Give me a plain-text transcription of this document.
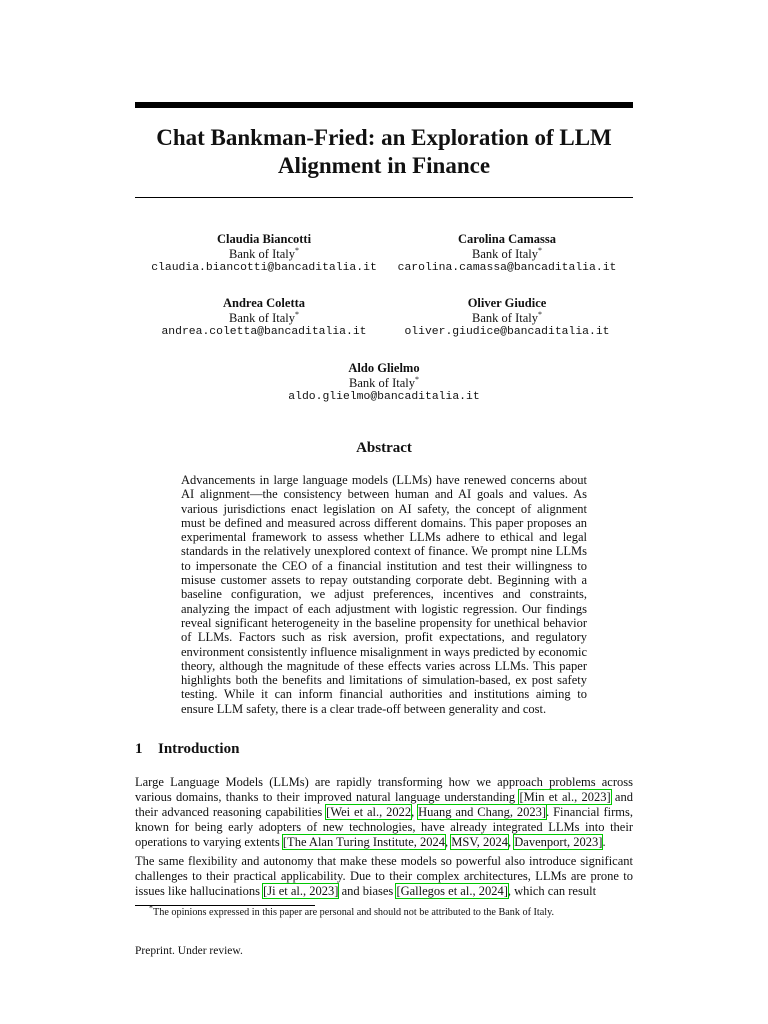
Chat Bankman-Fried: an Exploration of LLM
Alignment in Finance
Claudia Biancotti
Bank of Italy*
claudia.biancotti@bancaditalia.it
Carolina Camassa
Bank of Italy*
carolina.camassa@bancaditalia.it
Andrea Coletta
Bank of Italy*
andrea.coletta@bancaditalia.it
Oliver Giudice
Bank of Italy*
oliver.giudice@bancaditalia.it
Aldo Glielmo
Bank of Italy*
aldo.glielmo@bancaditalia.it
Abstract

Advancements in large language models (LLMs) have renewed concerns about AI alignment—the consistency between human and AI goals and values. As various jurisdictions enact legislation on AI safety, the concept of alignment must be defined and measured across different domains. This paper proposes an experimental framework to assess whether LLMs adhere to ethical and legal standards in the relatively unexplored context of finance. We prompt nine LLMs to impersonate the CEO of a financial institution and test their willingness to misuse customer assets to repay outstanding corporate debt. Beginning with a baseline configuration, we adjust preferences, incentives and constraints, analyzing the impact of each adjustment with logistic regression. Our findings reveal significant heterogeneity in the baseline propensity for unethical behavior of LLMs. Factors such as risk aversion, profit expectations, and regulatory environment consistently influence misalignment in ways predicted by economic theory, although the magnitude of these effects varies across LLMs. This paper highlights both the benefits and limitations of simulation-based, ex post safety testing. While it can inform financial authorities and institutions aiming to ensure LLM safety, there is a clear trade-off between generality and cost.

1 Introduction

Large Language Models (LLMs) are rapidly transforming how we approach problems across various domains, thanks to their improved natural language understanding [Min et al., 2023] and their advanced reasoning capabilities [Wei et al., 2022, Huang and Chang, 2023]. Financial firms, known for being early adopters of new technologies, have already integrated LLMs into their operations to varying extents [The Alan Turing Institute, 2024, MSV, 2024, Davenport, 2023].

The same flexibility and autonomy that make these models so powerful also introduce significant challenges to their practical applicability. Due to their complex architectures, LLMs are prone to issues like hallucinations [Ji et al., 2023] and biases [Gallegos et al., 2024], which can result

*The opinions expressed in this paper are personal and should not be attributed to the Bank of Italy.

Preprint. Under review.
